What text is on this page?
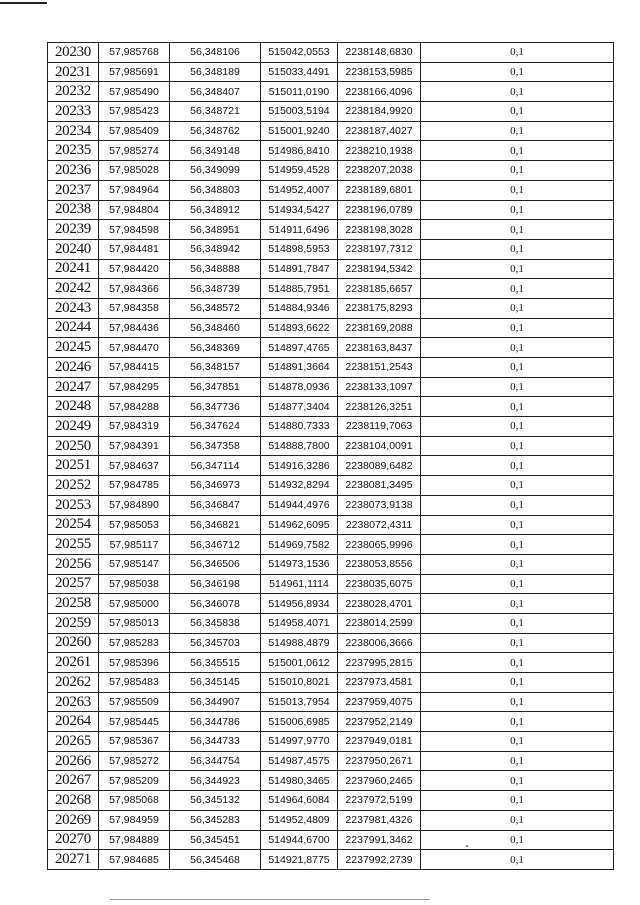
20230	57,985768	56,348106	515042,0553	2238148,6830	0,1
20231	57,985691	56,348189	515033,4491	2238153,5985	0,1
20232	57,985490	56,348407	515011,0190	2238166,4096	0,1
20233	57,985423	56,348721	515003,5194	2238184,9920	0,1
20234	57,985409	56,348762	515001,9240	2238187,4027	0,1
20235	57,985274	56,349148	514986,8410	2238210,1938	0,1
20236	57,985028	56,349099	514959,4528	2238207,2038	0,1
20237	57,984964	56,348803	514952,4007	2238189,6801	0,1
20238	57,984804	56,348912	514934,5427	2238196,0789	0,1
20239	57,984598	56,348951	514911,6496	2238198,3028	0,1
20240	57,984481	56,348942	514898,5953	2238197,7312	0,1
20241	57,984420	56,348888	514891,7847	2238194,5342	0,1
20242	57,984366	56,348739	514885,7951	2238185,6657	0,1
20243	57,984358	56,348572	514884,9346	2238175,8293	0,1
20244	57,984436	56,348460	514893,6622	2238169,2088	0,1
20245	57,984470	56,348369	514897,4765	2238163,8437	0,1
20246	57,984415	56,348157	514891,3664	2238151,2543	0,1
20247	57,984295	56,347851	514878,0936	2238133,1097	0,1
20248	57,984288	56,347736	514877,3404	2238126,3251	0,1
20249	57,984319	56,347624	514880,7333	2238119,7063	0,1
20250	57,984391	56,347358	514888,7800	2238104,0091	0,1
20251	57,984637	56,347114	514916,3286	2238089,6482	0,1
20252	57,984785	56,346973	514932,8294	2238081,3495	0,1
20253	57,984890	56,346847	514944,4976	2238073,9138	0,1
20254	57,985053	56,346821	514962,6095	2238072,4311	0,1
20255	57,985117	56,346712	514969,7582	2238065,9996	0,1
20256	57,985147	56,346506	514973,1536	2238053,8556	0,1
20257	57,985038	56,346198	514961,1114	2238035,6075	0,1
20258	57,985000	56,346078	514956,8934	2238028,4701	0,1
20259	57,985013	56,345838	514958,4071	2238014,2599	0,1
20260	57,985283	56,345703	514988,4879	2238006,3666	0,1
20261	57,985396	56,345515	515001,0612	2237995,2815	0,1
20262	57,985483	56,345145	515010,8021	2237973,4581	0,1
20263	57,985509	56,344907	515013,7954	2237959,4075	0,1
20264	57,985445	56,344786	515006,6985	2237952,2149	0,1
20265	57,985367	56,344733	514997,9770	2237949,0181	0,1
20266	57,985272	56,344754	514987,4575	2237950,2671	0,1
20267	57,985209	56,344923	514980,3465	2237960,2465	0,1
20268	57,985068	56,345132	514964,6084	2237972,5199	0,1
20269	57,984959	56,345283	514952,4809	2237981,4326	0,1
20270	57,984889	56,345451	514944,6700	2237991,3462	0,1
20271	57,984685	56,345468	514921,8775	2237992,2739	0,1
